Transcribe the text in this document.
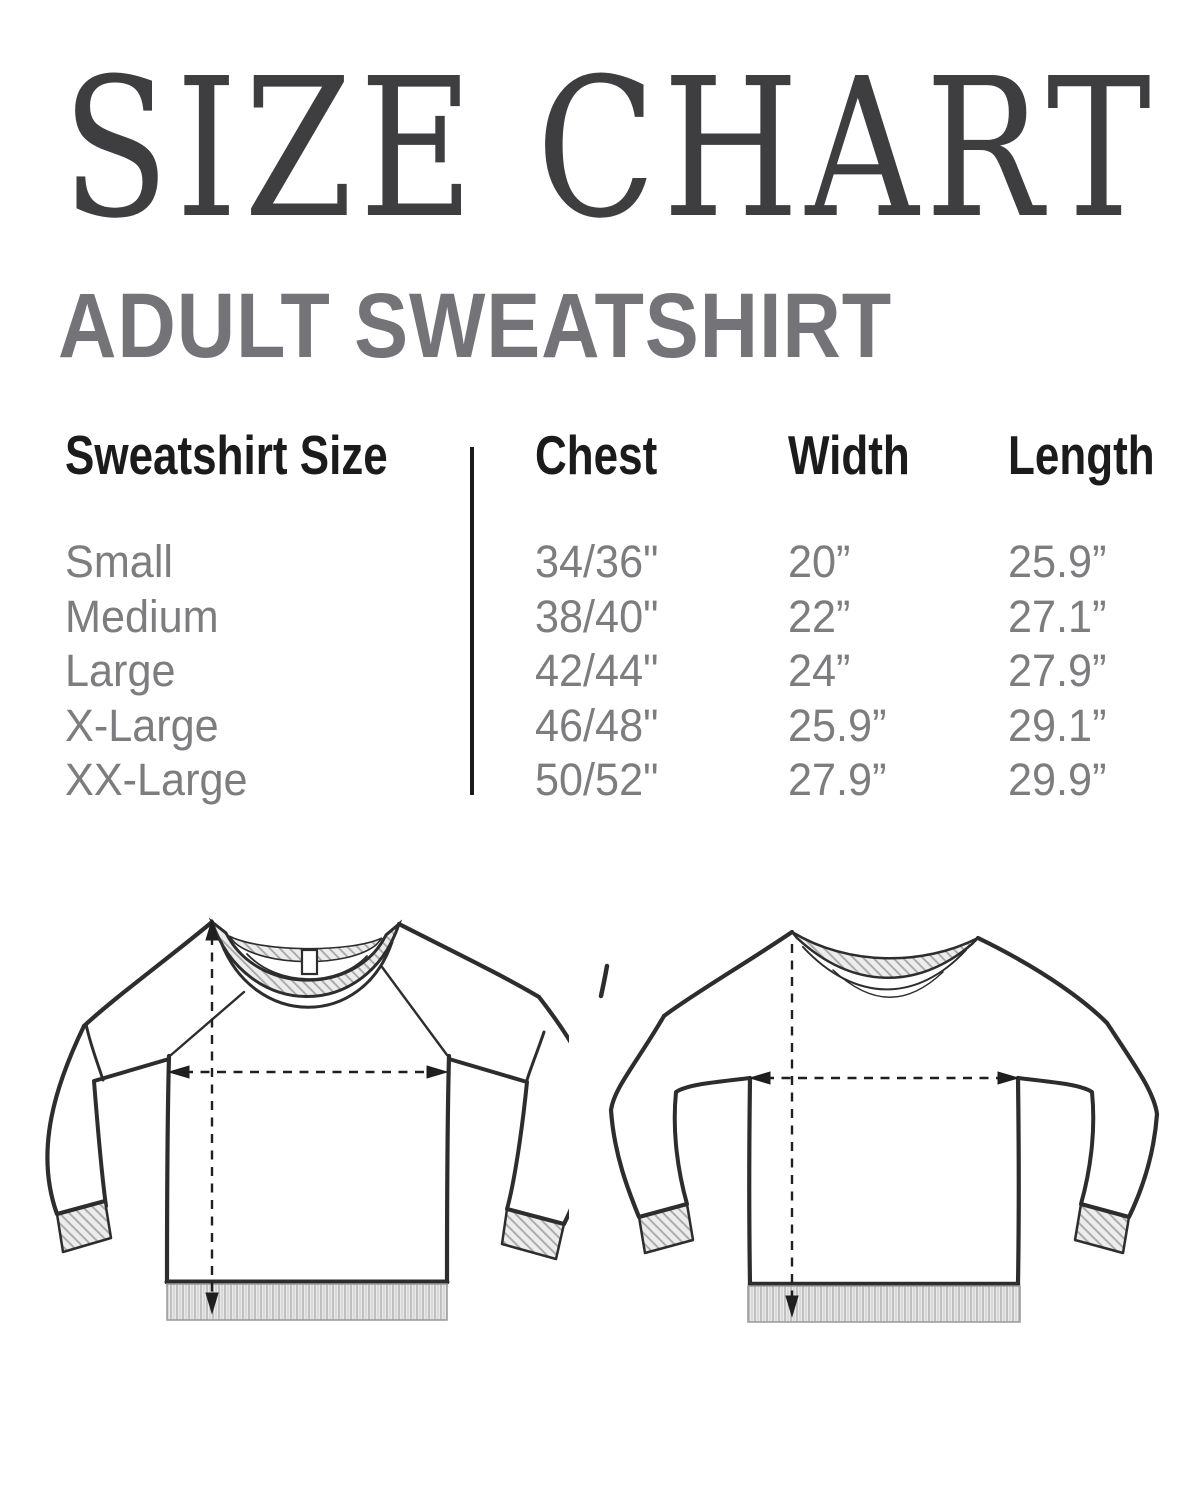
SIZE CHART
ADULT SWEATSHIRT
Sweatshirt Size	Chest Width Length
Small	34/36"	20”	25.9”
Medium	38/40"	22”	27.1”
Large	42/44"	24”	27.9”
X-Large	46/48"	25.9”	29.1”
XX-Large	50/52"	27.9”	29.9”
